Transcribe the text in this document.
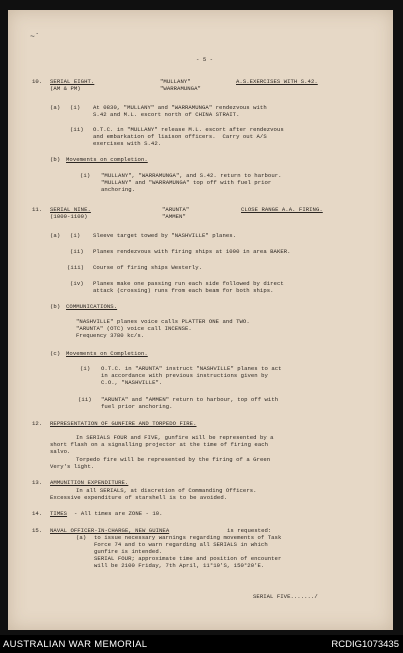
~`
- 5 -
10. SERIAL EIGHT.
(AM & PM)
"MULLANY"
"WARRAMUNGA"
A.S.EXERCISES WITH S.42.
(a) (i) At 0830, "MULLANY" and "WARRAMUNGA" rendezvous with
S.42 and M.L. escort north of CHINA STRAIT.
(ii) O.T.C. in "MULLANY" release M.L. escort after rendezvous
and embarkation of liaison officers.  Carry out A/S
exercises with S.42.
(b) Movements on completion.
(i) "MULLANY", "WARRAMUNGA", and S.42. return to harbour.
"MULLANY" and "WARRAMUNGA" top off with fuel prior
anchoring.
11. SERIAL NINE.
(1000-1100)
"ARUNTA"
"AMMEN"
CLOSE RANGE A.A. FIRING.
(a) (i) Sleeve target towed by "NASHVILLE" planes.
(ii) Planes rendezvous with firing ships at 1000 in area BAKER.
(iii) Course of firing ships Westerly.
(iv) Planes make one passing run each side followed by direct
attack (crossing) runs from each beam for both ships.
(b) COMMUNICATIONS.
"NASHVILLE" planes voice calls PLATTER ONE and TWO.
"ARUNTA" (OTC) voice call INCENSE.
Frequency 3780 kc/s.
(c) Movements on Completion.
(i) O.T.C. in "ARUNTA" instruct "NASHVILLE" planes to act
in accordance with previous instructions given by
C.O., "NASHVILLE".
(ii) "ARUNTA" and "AMMEN" return to harbour, top off with
fuel prior anchoring.
12. REPRESENTATION OF GUNFIRE AND TORPEDO FIRE.
In SERIALS FOUR and FIVE, gunfire will be represented by a
short flash on a signalling projector at the time of firing each
salvo.
Torpedo fire will be represented by the firing of a Green
Very's light.
13. AMMUNITION EXPENDITURE.
In all SERIALS, at discretion of Commanding Officers.
Excessive expenditure of starshell is to be avoided.
14. TIMES - All times are ZONE - 10.
15. NAVAL OFFICER-IN-CHARGE, NEW GUINEA	is requested:
(a) to issue necessary warnings regarding movements of Task
Force 74 and to warn regarding all SERIALS in which
gunfire is intended.
SERIAL FOUR; approximate time and position of encounter
will be 2100 Friday, 7th April, 11°10'S, 150°20'E.
SERIAL FIVE......./
AUSTRALIAN WAR MEMORIAL	RCDIG1073435
